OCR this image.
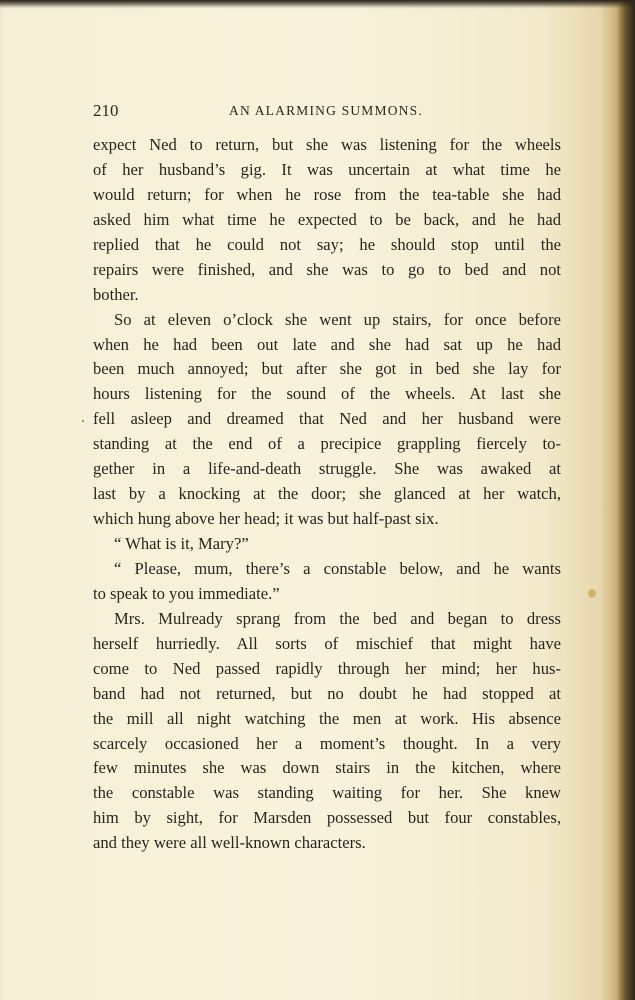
210	AN ALARMING SUMMONS.
expect Ned to return, but she was listening for the wheels
of her husband’s gig. It was uncertain at what time he
would return; for when he rose from the tea-table she had
asked him what time he expected to be back, and he had
replied that he could not say; he should stop until the
repairs were finished, and she was to go to bed and not
bother.
So at eleven o’clock she went up stairs, for once before
when he had been out late and she had sat up he had
been much annoyed; but after she got in bed she lay for
hours listening for the sound of the wheels. At last she
fell asleep and dreamed that Ned and her husband were
standing at the end of a precipice grappling fiercely to-
gether in a life-and-death struggle. She was awaked at
last by a knocking at the door; she glanced at her watch,
which hung above her head; it was but half-past six.
“ What is it, Mary?”
“ Please, mum, there’s a constable below, and he wants
to speak to you immediate.”
Mrs. Mulready sprang from the bed and began to dress
herself hurriedly. All sorts of mischief that might have
come to Ned passed rapidly through her mind; her hus-
band had not returned, but no doubt he had stopped at
the mill all night watching the men at work. His absence
scarcely occasioned her a moment’s thought. In a very
few minutes she was down stairs in the kitchen, where
the constable was standing waiting for her. She knew
him by sight, for Marsden possessed but four constables,
and they were all well-known characters.
